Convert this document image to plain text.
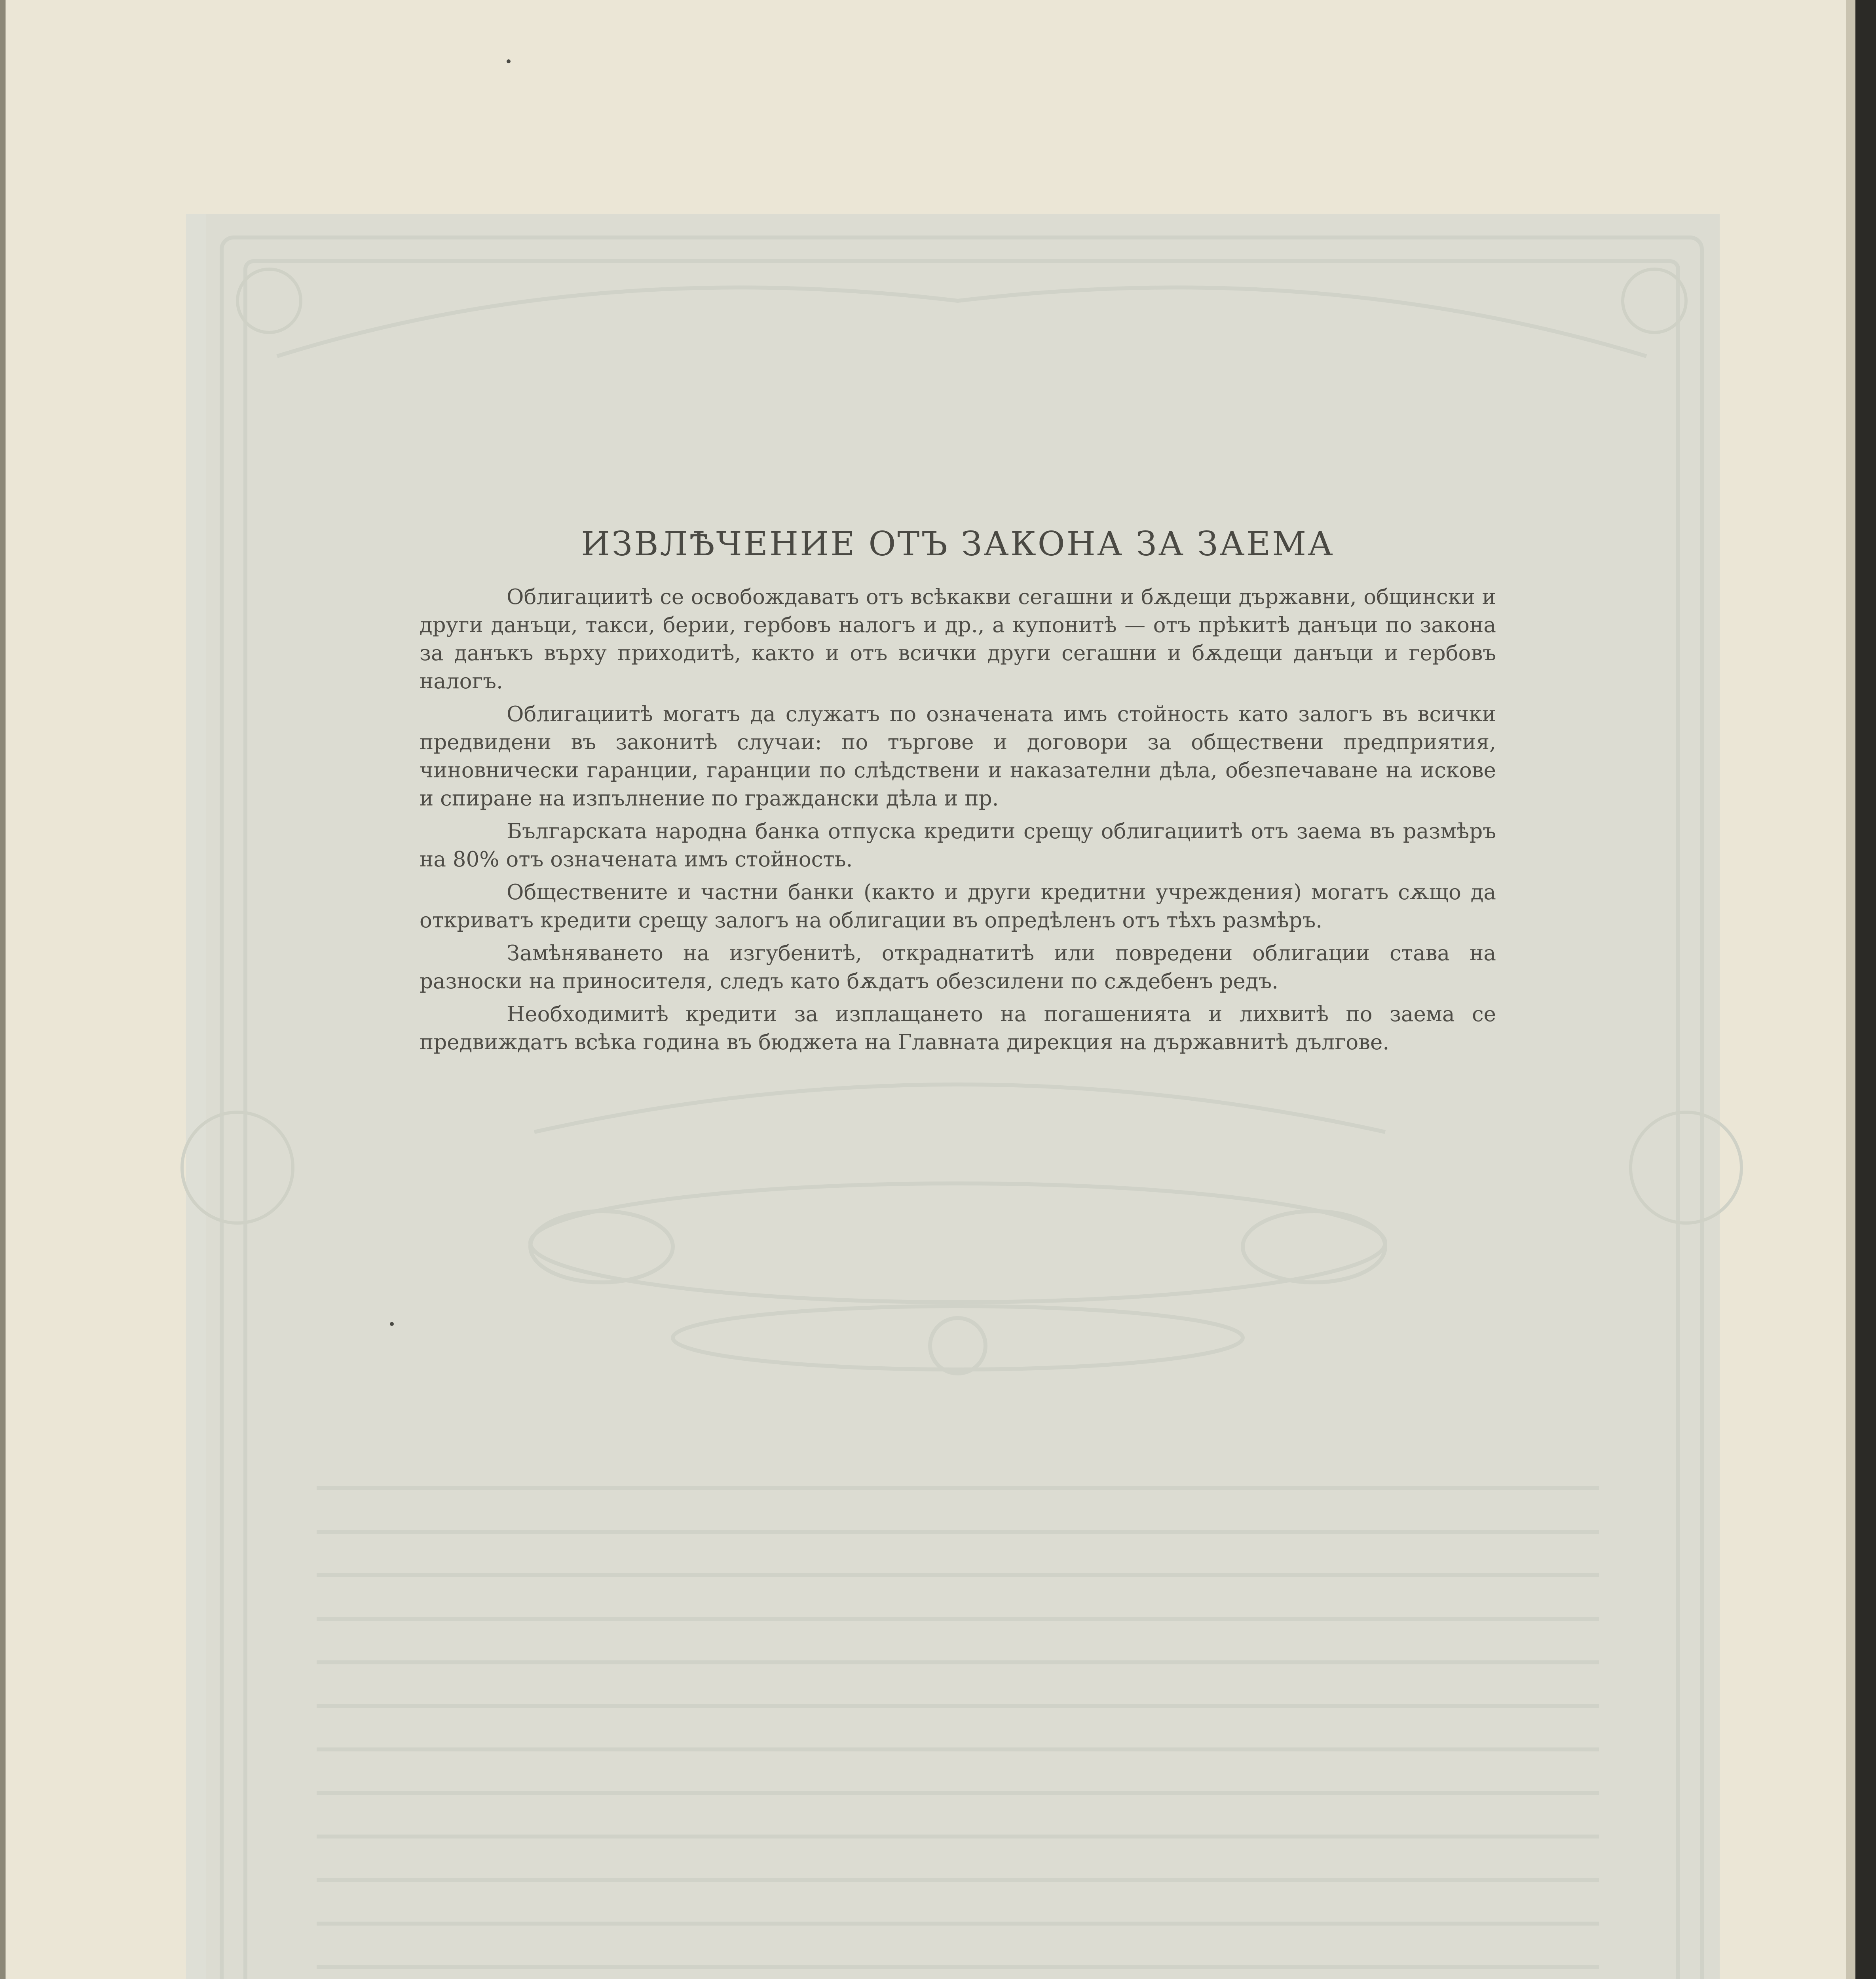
ИЗВЛѢЧЕНИЕ ОТЪ ЗАКОНА ЗА ЗАЕМА

Облигациитѣ се освобождаватъ отъ всѣкакви сегашни и бѫдещи държавни, общински и други данъци, такси, берии, гербовъ налогъ и др., а купонитѣ — отъ прѣкитѣ данъци по закона за данъкъ върху приходитѣ, както и отъ всички други сегашни и бѫдещи данъци и гербовъ налогъ.

Облигациитѣ могатъ да служатъ по означената имъ стойность като залогъ въ всички предвидени въ законитѣ случаи: по търгове и договори за обществени предприятия, чиновнически гаранции, гаранции по слѣдствени и наказателни дѣла, обезпечаване на искове и спиране на изпълнение по граждански дѣла и пр.

Българската народна банка отпуска кредити срещу облигациитѣ отъ заема въ размѣръ на 80% отъ означената имъ стойность.

Обществените и частни банки (както и други кредитни учреждения) могатъ сѫщо да откриватъ кредити срещу залогъ на облигации въ опредѣленъ отъ тѣхъ размѣръ.

Замѣняването на изгубенитѣ, откраднатитѣ или повредени облигации става на разноски на приносителя, следъ като бѫдатъ обезсилени по сѫдебенъ редъ.

Необходимитѣ кредити за изплащането на погашенията и лихвитѣ по заема се предвиждатъ всѣка година въ бюджета на Главната дирекция на държавнитѣ дългове.
